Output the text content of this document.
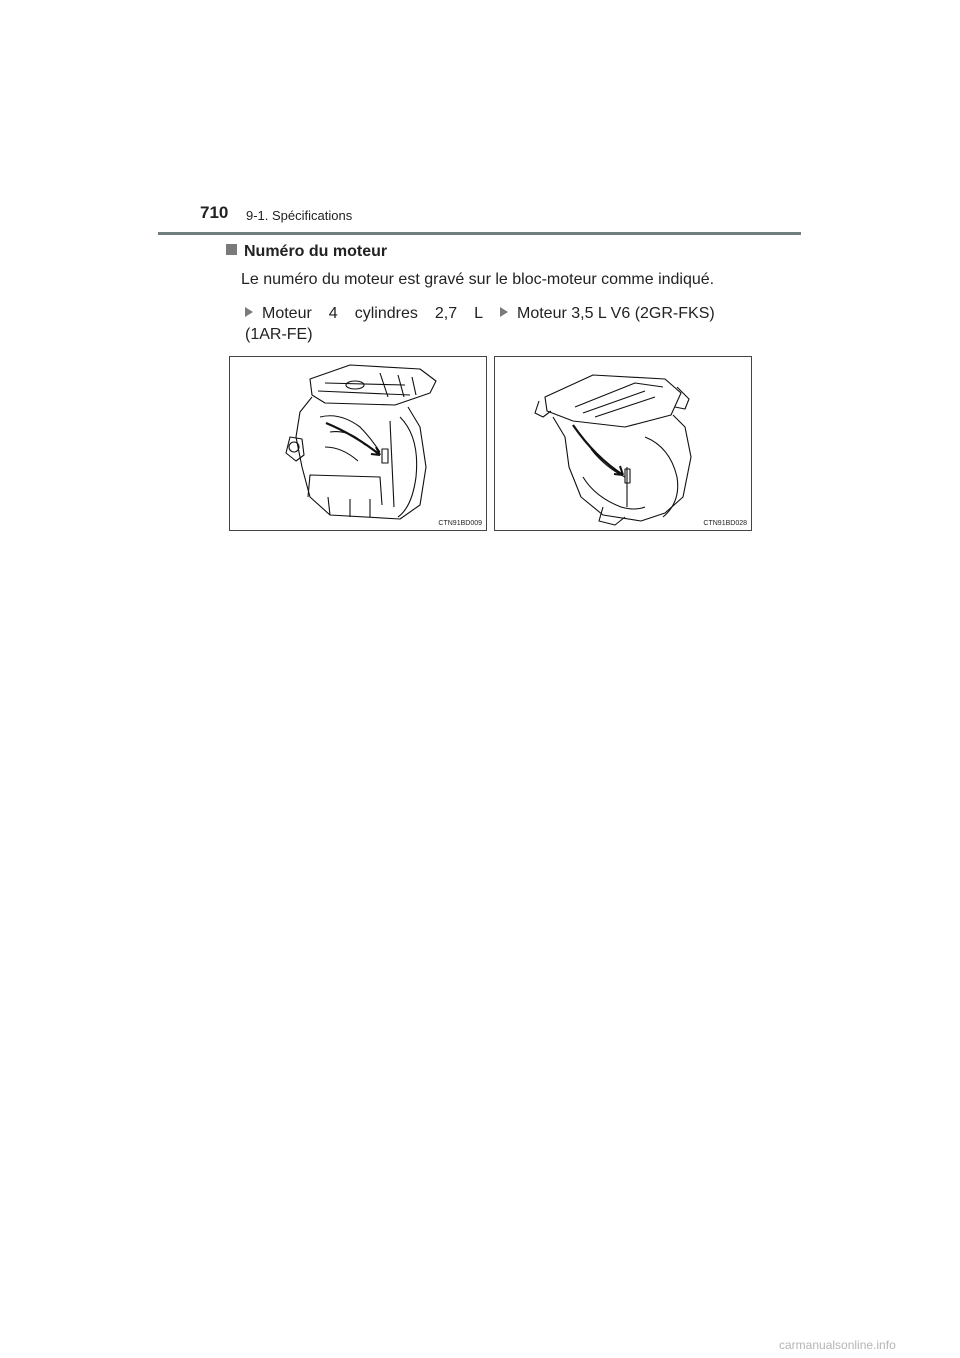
710 9-1. Spécifications
Numéro du moteur
Le numéro du moteur est gravé sur le bloc-moteur comme indiqué.
Moteur 4 cylindres 2,7 L
(1AR-FE)
Moteur 3,5 L V6 (2GR-FKS)
CTN91BD009	CTN91BD028
carmanualsonline.info
